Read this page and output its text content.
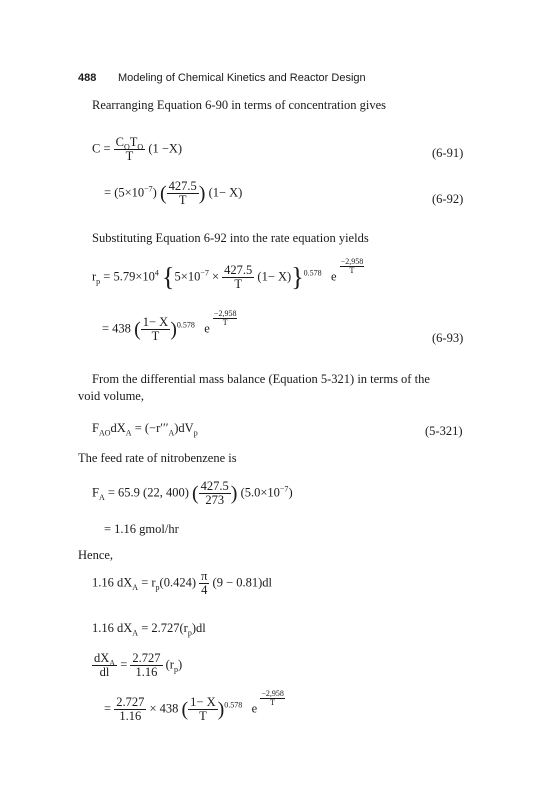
488 Modeling of Chemical Kinetics and Reactor Design
Rearranging Equation 6-90 in terms of concentration gives
$C = \frac{C_OT_O}{T} (1 -X)$	(6-91)
= $(5\times 10^{-7})$ ( $\frac{427.5}{T}$ ) (1− X)	(6-92)
Substituting Equation 6-92 into the rate equation yields
$r_p = 5.79\times 10^4$ $\{5\times 10^{-7} \times \frac{427.5}{T} (1- X)\}^{0.578}$ e
$\frac{-2,958}{T}$
= 438 ( $\frac{1- X}{T} )^{0.578}$ e
$\frac{-2,958}{T}$
(6-93)
From the differential mass balance (Equation 5-321) in terms of the
void volume,
$F_{AO}dX_A = (-r'''_A)dV_p$	(5-321)
The feed rate of nitrobenzene is
$F_A = 65.9$ (22, 400) ( $\frac{427.5}{273}$ ) $(5.0\times 10^{-7})$
= 1.16 gmol/hr
Hence,
1.16 $dX_A = r_p(0.424) \frac{\pi}{4} (9 - 0.81)dl$
1.16 $dX_A = 2.727(r_p)dl$
$\frac{dX_A}{dl} = \frac{2.727}{1.16} (r_p)$
= $\frac{2.727}{1.16} \times 438$ ( $\frac{1- X}{T} )^{0.578}$ e
$\frac{-2,958}{T}$
